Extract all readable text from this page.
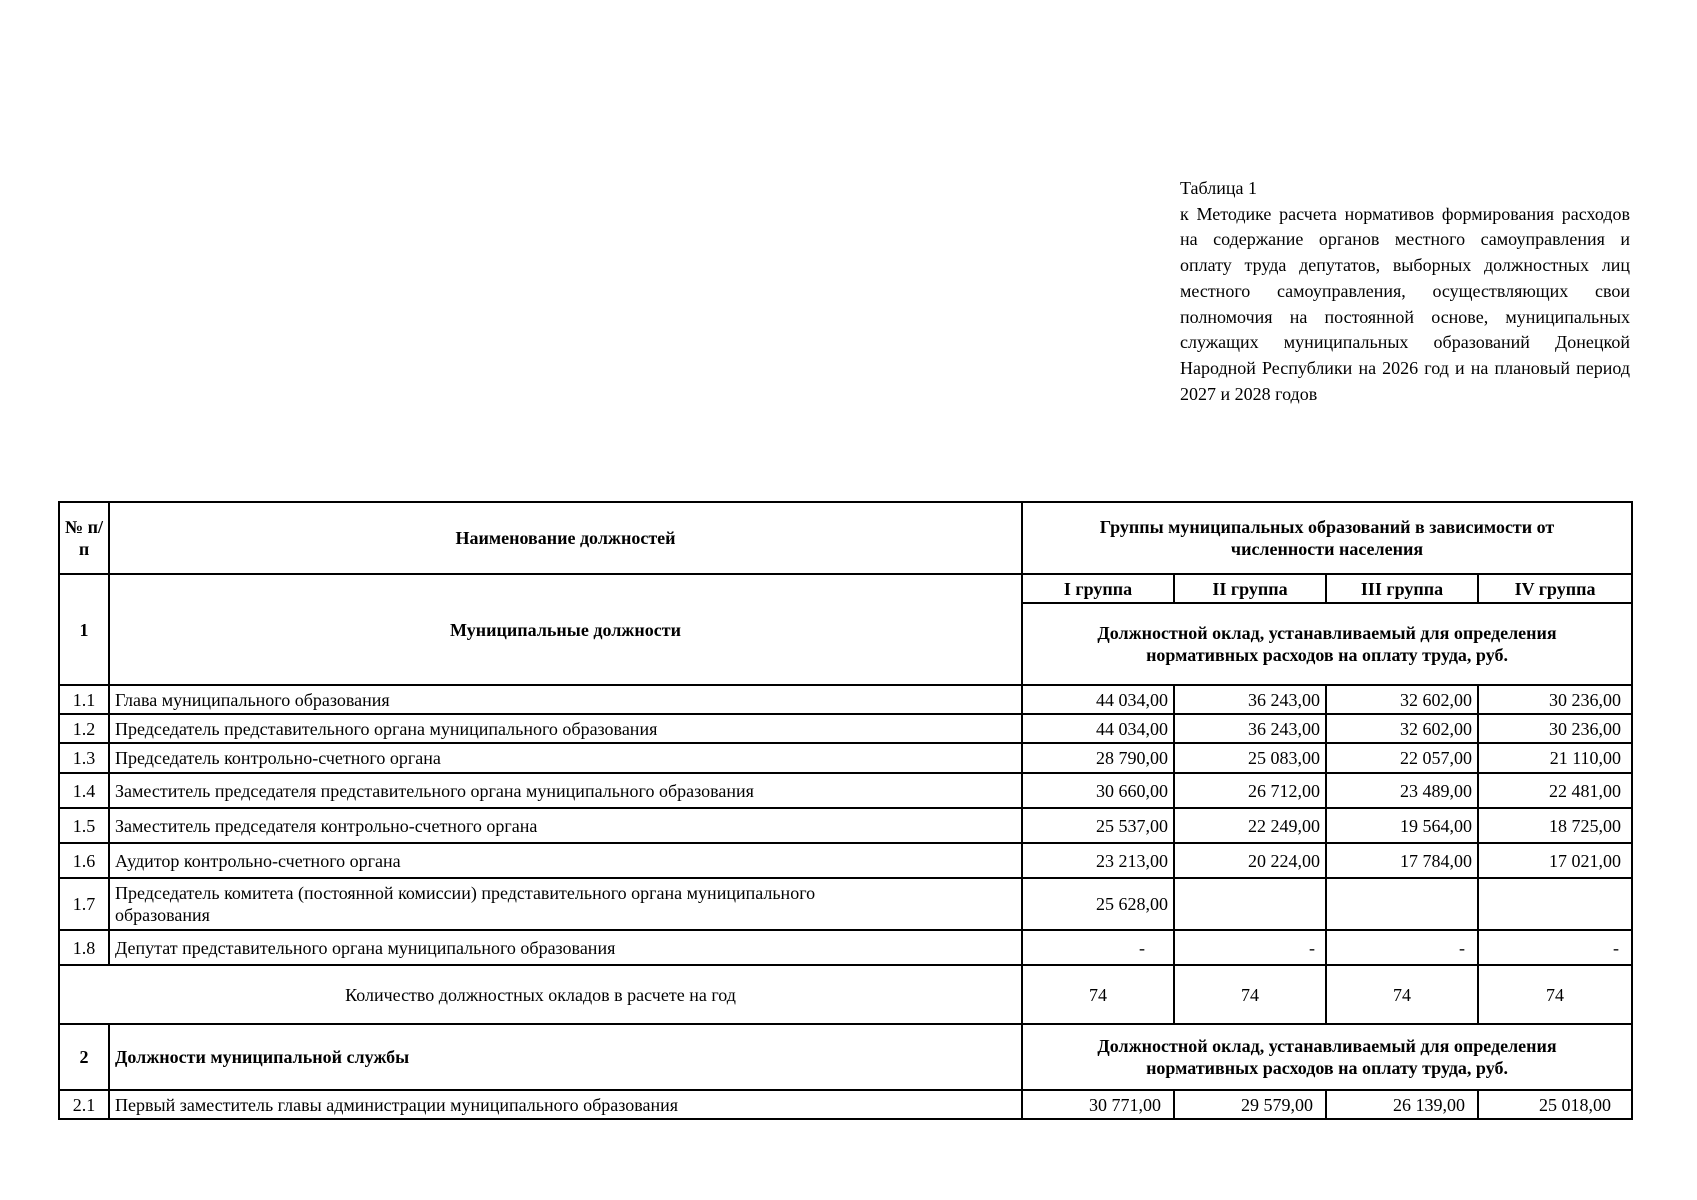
Таблица 1
к Методике расчета нормативов формирования расходов на содержание органов местного самоуправления и оплату труда депутатов, выборных должностных лиц местного самоуправления, осуществляющих свои полномочия на постоянной основе, муниципальных служащих муниципальных образований Донецкой Народной Республики на 2026 год и на плановый период 2027 и 2028 годов
№ п/п	Наименование должностей	Группы муниципальных образований в зависимости от численности населения			
1	Муниципальные должности	I группа	II группа	III группа	IV группа
		Должностной оклад, устанавливаемый для определения нормативных расходов на оплату труда, руб.			
1.1	Глава муниципального образования	44 034,00	36 243,00	32 602,00	30 236,00
1.2	Председатель представительного органа муниципального образования	44 034,00	36 243,00	32 602,00	30 236,00
1.3	Председатель контрольно-счетного органа	28 790,00	25 083,00	22 057,00	21 110,00
1.4	Заместитель председателя представительного органа муниципального образования	30 660,00	26 712,00	23 489,00	22 481,00
1.5	Заместитель председателя контрольно-счетного органа	25 537,00	22 249,00	19 564,00	18 725,00
1.6	Аудитор контрольно-счетного органа	23 213,00	20 224,00	17 784,00	17 021,00
1.7	Председатель комитета (постоянной комиссии) представительного органа муниципального образования	25 628,00			
1.8	Депутат представительного органа муниципального образования	-	-	-	-
Количество должностных окладов в расчете на год		74	74	74	74
2	Должности муниципальной службы	Должностной оклад, устанавливаемый для определения нормативных расходов на оплату труда, руб.			
2.1	Первый заместитель главы администрации муниципального образования	30 771,00	29 579,00	26 139,00	25 018,00
